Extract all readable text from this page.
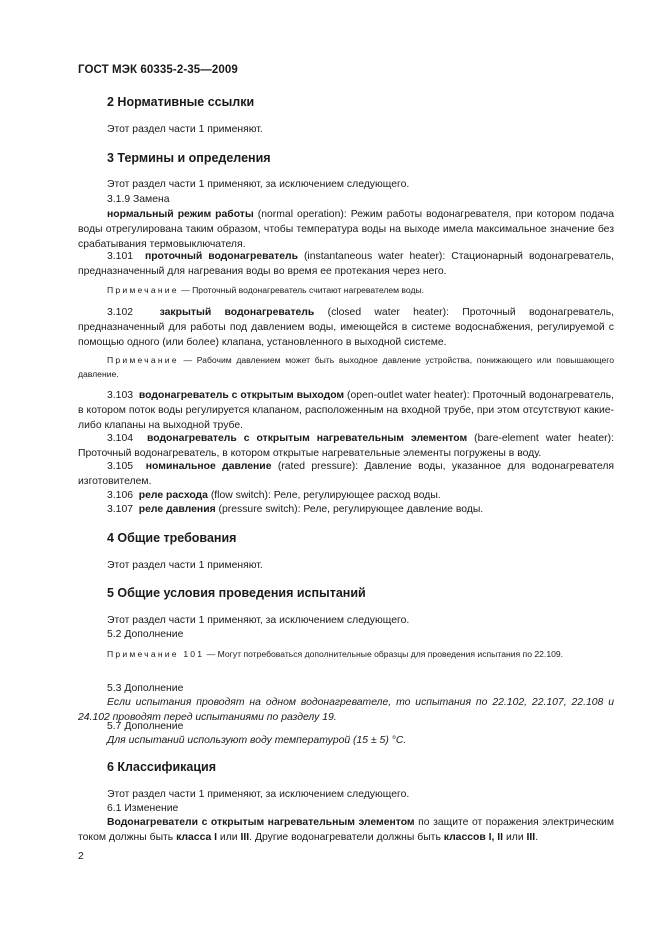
ГОСТ МЭК 60335-2-35—2009
2 Нормативные ссылки
Этот раздел части 1 применяют.
3 Термины и определения
Этот раздел части 1 применяют, за исключением следующего.
3.1.9 Замена
нормальный режим работы (normal operation): Режим работы водонагревателя, при котором подача воды отрегулирована таким образом, чтобы температура воды на выходе имела максимальное значение без срабатывания термовыключателя.
3.101 проточный водонагреватель (instantaneous water heater): Стационарный водонагреватель, предназначенный для нагревания воды во время ее протекания через него.
Примечание — Проточный водонагреватель считают нагревателем воды.
3.102	закрытый водонагреватель (closed water heater): Проточный водонагреватель, предназначенный для работы под давлением воды, имеющейся в системе водоснабжения, регулируемой с помощью одного (или более) клапана, установленного в выходной системе.
Примечание — Рабочим давлением может быть выходное давление устройства, понижающего или повышающего давление.
3.103 водонагреватель с открытым выходом (open-outlet water heater): Проточный водонагреватель, в котором поток воды регулируется клапаном, расположенным на входной трубе, при этом отсутствуют какие-либо клапаны на выходной трубе.
3.104 водонагреватель с открытым нагревательным элементом (bare-element water heater): Проточный водонагреватель, в котором открытые нагревательные элементы погружены в воду.
3.105 номинальное давление (rated pressure): Давление воды, указанное для водонагревателя изготовителем.
3.106 реле расхода (flow switch): Реле, регулирующее расход воды.
3.107 реле давления (pressure switch): Реле, регулирующее давление воды.
4 Общие требования
Этот раздел части 1 применяют.
5 Общие условия проведения испытаний
Этот раздел части 1 применяют, за исключением следующего.
5.2 Дополнение
Примечание 101 — Могут потребоваться дополнительные образцы для проведения испытания по 22.109.
5.3 Дополнение
Если испытания проводят на одном водонагревателе, то испытания по 22.102, 22.107, 22.108 и 24.102 проводят перед испытаниями по разделу 19.
5.7 Дополнение
Для испытаний используют воду температурой (15 ± 5) °С.
6 Классификация
Этот раздел части 1 применяют, за исключением следующего.
6.1 Изменение
Водонагреватели с открытым нагревательным элементом по защите от поражения электрическим током должны быть класса I или III. Другие водонагреватели должны быть классов I, II или III.
2
